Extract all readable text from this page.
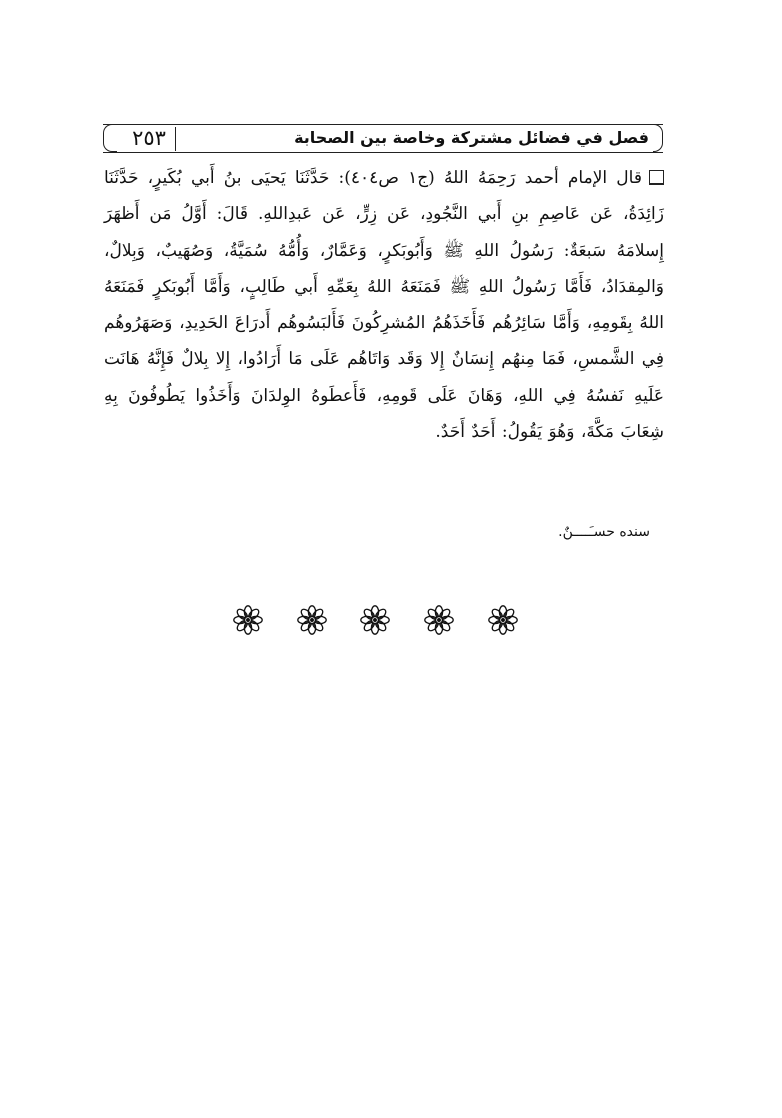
٢٥٣	فصل في فضائل مشتركة وخاصة بين الصحابة
قال الإمام أحمد رَحِمَهُ اللهُ (ج١ ص٤٠٤): حَدَّثَنَا يَحيَى بنُ أَبي بُكَيرٍ، حَدَّثَنَا زَائِدَةُ، عَن عَاصِمِ بنِ أَبي النَّجُودِ، عَن زِرٍّ، عَن عَبدِاللهِ. قَالَ: أَوَّلُ مَن أَظهَرَ إِسلامَهُ سَبعَةٌ: رَسُولُ اللهِ ﷺ وَأَبُوبَكرٍ، وَعَمَّارٌ، وَأُمُّهُ سُمَيَّةُ، وَصُهَيبٌ، وَبِلالٌ، وَالمِقدَادُ، فَأَمَّا رَسُولُ اللهِ ﷺ فَمَنَعَهُ اللهُ بِعَمِّهِ أَبي طَالِبٍ، وَأَمَّا أَبُوبَكرٍ فَمَنَعَهُ اللهُ بِقَومِهِ، وَأَمَّا سَائِرُهُم فَأَخَذَهُمُ المُشرِكُونَ فَأَلبَسُوهُم أَدرَاعَ الحَدِيدِ، وَصَهَرُوهُم فِي الشَّمسِ، فَمَا مِنهُم إِنسَانٌ إِلا وَقَد وَاتَاهُم عَلَى مَا أَرَادُوا، إِلا بِلالٌ فَإِنَّهُ هَانَت عَلَيهِ نَفسُهُ فِي اللهِ، وَهَانَ عَلَى قَومِهِ، فَأَعطَوهُ الوِلدَانَ وَأَخَذُوا يَطُوفُونَ بِهِ شِعَابَ مَكَّةَ، وَهُوَ يَقُولُ: أَحَدٌ أَحَدٌ.
سنده حسـَــــنٌ.
